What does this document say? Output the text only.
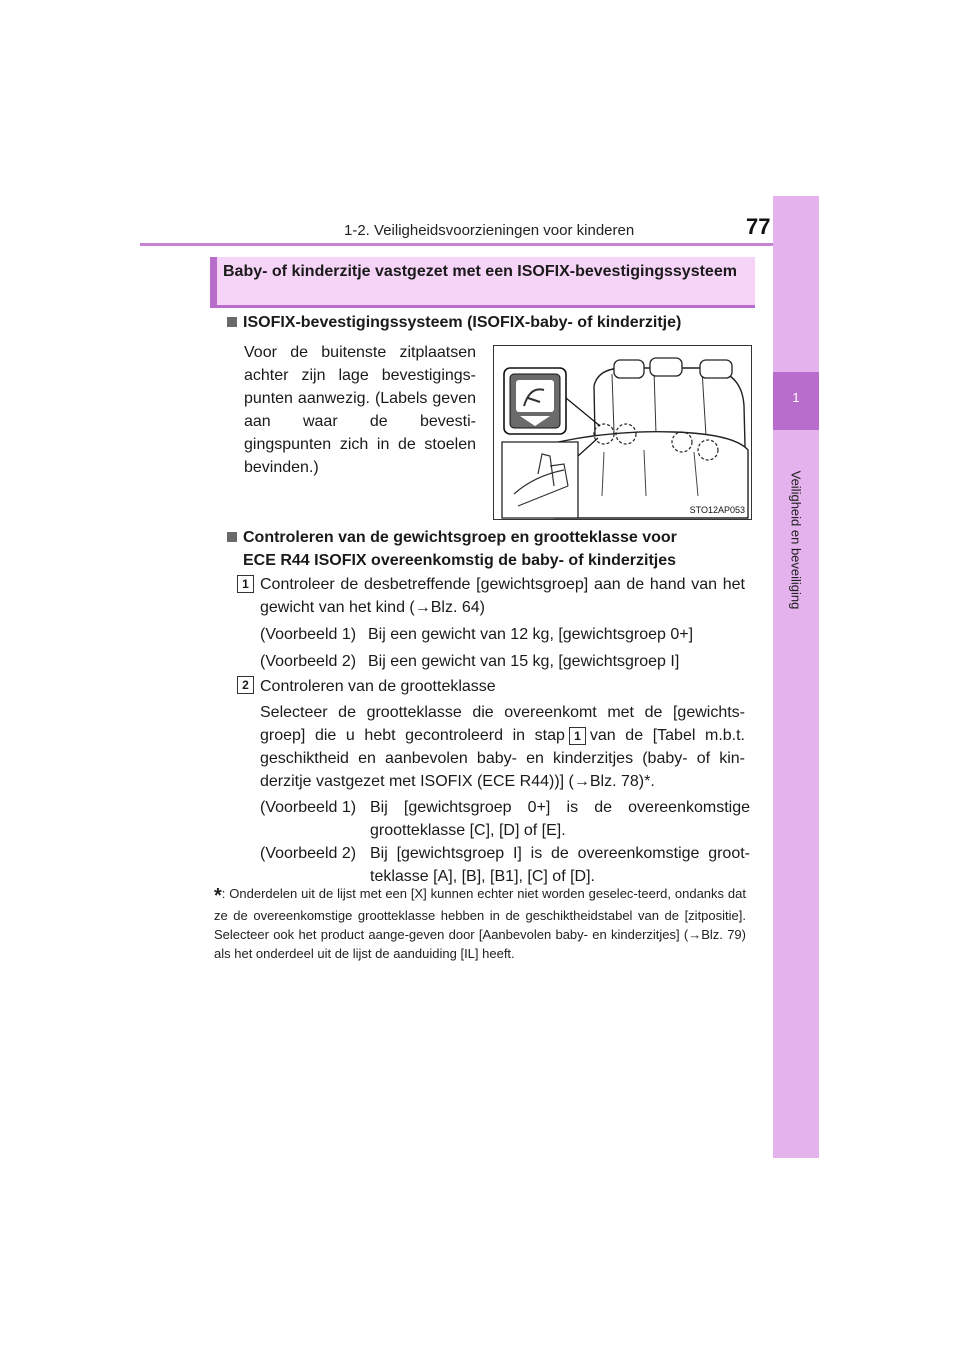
1-2. Veiligheidsvoorzieningen voor kinderen	77
1
Veiligheid en beveiliging
Baby- of kinderzitje vastgezet met een ISOFIX-bevestigingssysteem
ISOFIX-bevestigingssysteem (ISOFIX-baby- of kinderzitje)
Voor de buitenste zitplaatsen achter zijn lage bevestigings-punten aanwezig. (Labels geven aan waar de bevesti-gingspunten zich in de stoelen bevinden.)
STO12AP053
Controleren van de gewichtsgroep en grootteklasse voor
ECE R44 ISOFIX overeenkomstig de baby- of kinderzitjes
1 Controleer de desbetreffende [gewichtsgroep] aan de hand van het gewicht van het kind (→Blz. 64)
(Voorbeeld 1) Bij een gewicht van 12 kg, [gewichtsgroep 0+]
(Voorbeeld 2) Bij een gewicht van 15 kg, [gewichtsgroep I]
2 Controleren van de grootteklasse
Selecteer de grootteklasse die overeenkomt met de [gewichts-groep] die u hebt gecontroleerd in stap 1 van de [Tabel m.b.t. geschiktheid en aanbevolen baby- en kinderzitjes (baby- of kin-derzitje vastgezet met ISOFIX (ECE R44))] (→Blz. 78)*.
(Voorbeeld 1) Bij [gewichtsgroep 0+] is de overeenkomstige grootteklasse [C], [D] of [E].
(Voorbeeld 2) Bij [gewichtsgroep I] is de overeenkomstige groot-teklasse [A], [B], [B1], [C] of [D].
*: Onderdelen uit de lijst met een [X] kunnen echter niet worden geselec-teerd, ondanks dat ze de overeenkomstige grootteklasse hebben in de geschiktheidstabel van de [zitpositie]. Selecteer ook het product aange-geven door [Aanbevolen baby- en kinderzitjes] (→Blz. 79) als het onderdeel uit de lijst de aanduiding [IL] heeft.
